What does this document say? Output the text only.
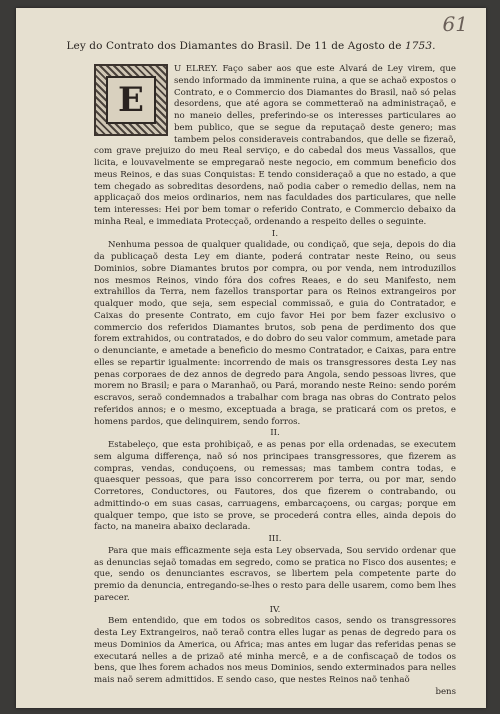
61
Ley do Contrato dos Diamantes do Brasil. De 11 de Agosto de 1753.
E

U ELREY. Faço saber aos que este Alvará de Ley virem, que sendo informado da imminente ruina, a que se achaõ expostos o Contrato, e o Commercio dos Diamantes do Brasil, naõ só pelas desordens, que até agora se commetteraõ na administraçaõ, e no maneio delles, preferindo-se os interesses particulares ao bem publico, que se segue da reputaçaõ deste genero; mas tambem pelos consideraveis contrabandos, que delle se fizeraõ, com grave prejuizo do meu Real serviço, e do cabedal dos meus Vassallos, que licita, e louvavelmente se empregaraõ neste negocio, em commum beneficio dos meus Reinos, e das suas Conquistas: E tendo consideraçaõ a que no estado, a que tem chegado as sobreditas desordens, naõ podia caber o remedio dellas, nem na applicaçaõ dos meios ordinarios, nem nas faculdades dos particulares, que nelle tem interesses: Hei por bem tomar o referido Contrato, e Commercio debaixo da minha Real, e immediata Protecçaõ, ordenando a respeito delles o seguinte.

I.

Nenhuma pessoa de qualquer qualidade, ou condiçaõ, que seja, depois do dia da publicaçaõ desta Ley em diante, poderá contratar neste Reino, ou seus Dominios, sobre Diamantes brutos por compra, ou por venda, nem introduzillos nos mesmos Reinos, vindo fóra dos cofres Reaes, e do seu Manifesto, nem extrahillos da Terra, nem fazellos transportar para os Reinos extrangeiros por qualquer modo, que seja, sem especial commissaõ, e guia do Contratador, e Caixas do presente Contrato, em cujo favor Hei por bem fazer exclusivo o commercio dos referidos Diamantes brutos, sob pena de perdimento dos que forem extrahidos, ou contratados, e do dobro do seu valor commum, ametade para o denunciante, e ametade a beneficio do mesmo Contratador, e Caixas, para entre elles se repartir igualmente: incorrendo de mais os transgressores desta Ley nas penas corporaes de dez annos de degredo para Angola, sendo pessoas livres, que morem no Brasil; e para o Maranhaõ, ou Pará, morando neste Reino: sendo porém escravos, seraõ condemnados a trabalhar com braga nas obras do Contrato pelos referidos annos; e o mesmo, exceptuada a braga, se praticará com os pretos, e homens pardos, que delinquirem, sendo forros.

II.

Estabeleço, que esta prohibiçaõ, e as penas por ella ordenadas, se executem sem alguma differença, naõ só nos principaes transgressores, que fizerem as compras, vendas, conduçoens, ou remessas; mas tambem contra todas, e quaesquer pessoas, que para isso concorrerem por terra, ou por mar, sendo Corretores, Conductores, ou Fautores, dos que fizerem o contrabando, ou admittindo-o em suas casas, carruagens, embarcaçoens, ou cargas; porque em qualquer tempo, que isto se prove, se procederá contra elles, ainda depois do facto, na maneira abaixo declarada.

III.

Para que mais efficazmente seja esta Ley observada, Sou servido ordenar que as denuncias sejaõ tomadas em segredo, como se pratica no Fisco dos ausentes; e que, sendo os denunciantes escravos, se libertem pela competente parte do premio da denuncia, entregando-se-lhes o resto para delle usarem, como bem lhes parecer.

IV.

Bem entendido, que em todos os sobreditos casos, sendo os transgressores desta Ley Extrangeiros, naõ teraõ contra elles lugar as penas de degredo para os meus Dominios da America, ou Africa; mas antes em lugar das referidas penas se executará nelles a de prizaõ até minha mercê, e a de confiscaçaõ de todos os bens, que lhes forem achados nos meus Dominios, sendo exterminados para nelles mais naõ serem admittidos. E sendo caso, que nestes Reinos naõ tenhaõ

bens
